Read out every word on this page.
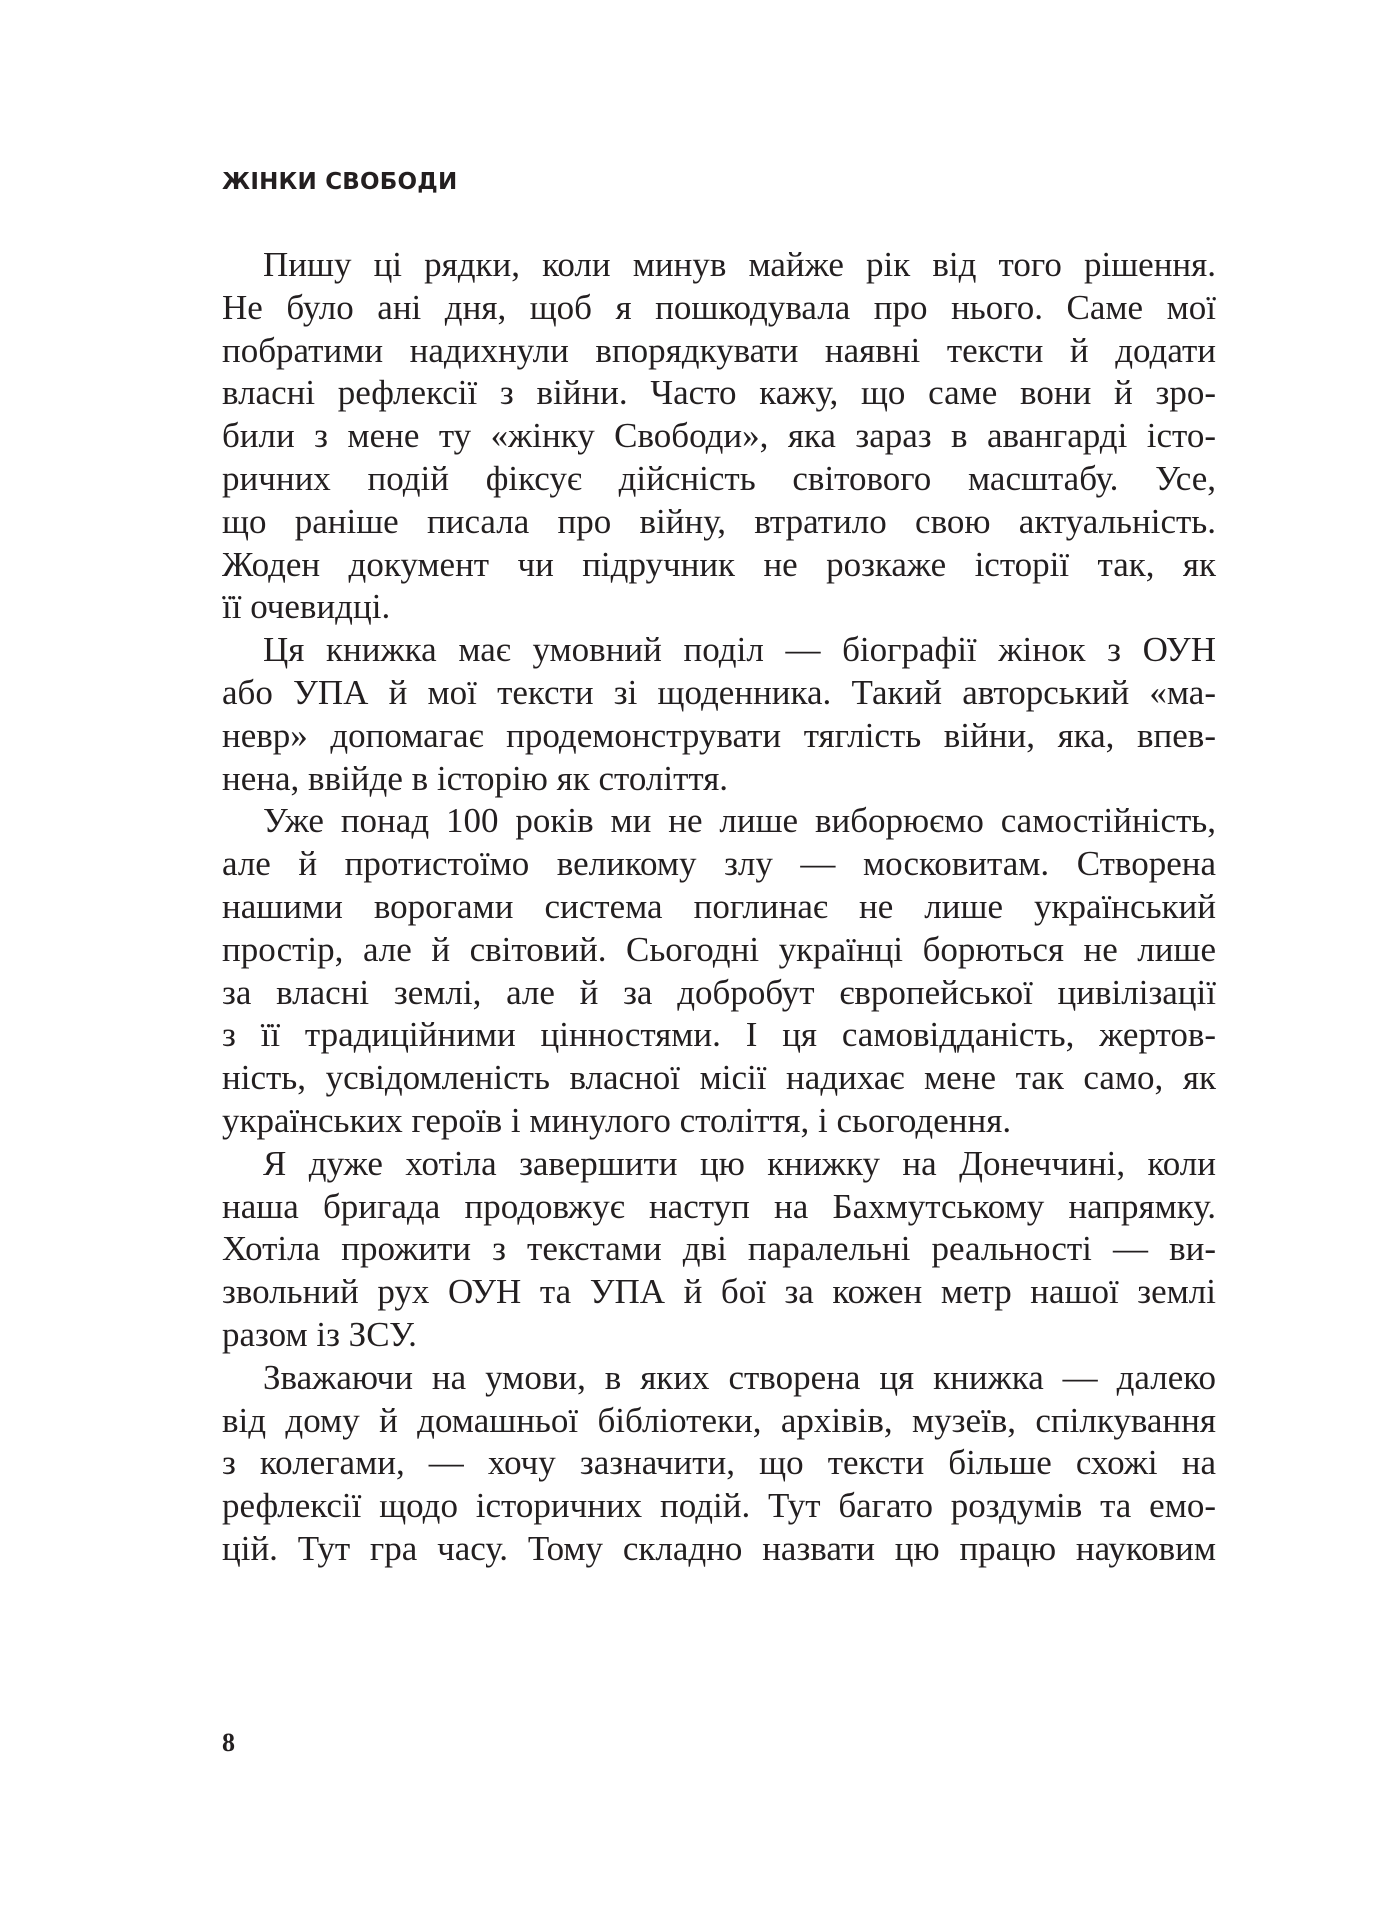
ЖІНКИ СВОБОДИ
Пишу ці рядки, коли минув майже рік від того рішення.
Не було ані дня, щоб я пошкодувала про нього. Саме мої
побратими надихнули впорядкувати наявні тексти й додати
власні рефлексії з війни. Часто кажу, що саме вони й зро-
били з мене ту «жінку Свободи», яка зараз в авангарді істо-
ричних подій фіксує дійсність світового масштабу. Усе,
що раніше писала про війну, втратило свою актуальність.
Жоден документ чи підручник не розкаже історії так, як
її очевидці.
Ця книжка має умовний поділ — біографії жінок з ОУН
або УПА й мої тексти зі щоденника. Такий авторський «ма-
невр» допомагає продемонструвати тяглість війни, яка, впев-
нена, ввійде в історію як століття.
Уже понад 100 років ми не лише виборюємо самостійність,
але й протистоїмо великому злу — московитам. Створена
нашими ворогами система поглинає не лише український
простір, але й світовий. Сьогодні українці борються не лише
за власні землі, але й за добробут європейської цивілізації
з її традиційними цінностями. І ця самовідданість, жертов-
ність, усвідомленість власної місії надихає мене так само, як
українських героїв і минулого століття, і сьогодення.
Я дуже хотіла завершити цю книжку на Донеччині, коли
наша бригада продовжує наступ на Бахмутському напрямку.
Хотіла прожити з текстами дві паралельні реальності — ви-
звольний рух ОУН та УПА й бої за кожен метр нашої землі
разом із ЗСУ.
Зважаючи на умови, в яких створена ця книжка — далеко
від дому й домашньої бібліотеки, архівів, музеїв, спілкування
з колегами, — хочу зазначити, що тексти більше схожі на
рефлексії щодо історичних подій. Тут багато роздумів та емо-
цій. Тут гра часу. Тому складно назвати цю працю науковим
8
